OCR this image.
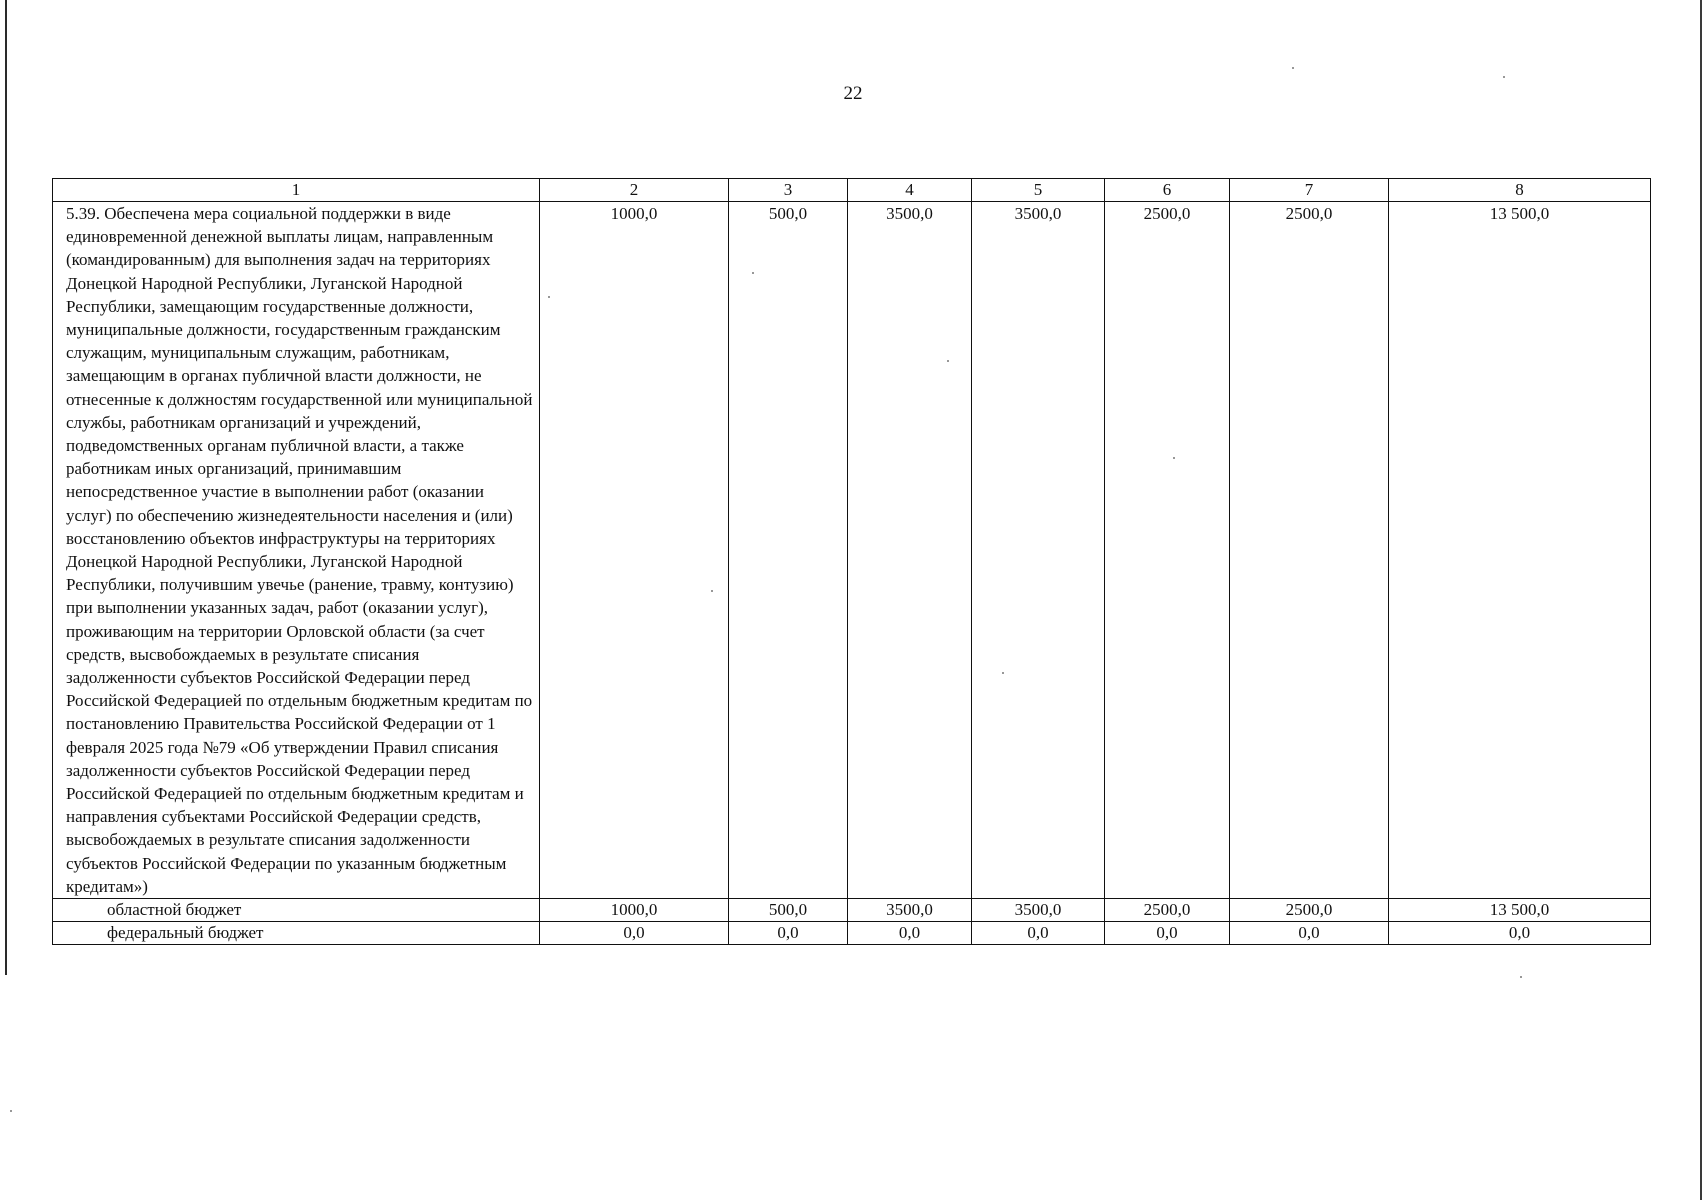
22
1	2	3	4	5	6	7	8
5.39. Обеспечена мера социальной поддержки в виде единовременной денежной выплаты лицам, направленным (командированным) для выполнения задач на территориях Донецкой Народной Республики, Луганской Народной Республики, замещающим государственные должности, муниципальные должности, государственным гражданским служащим, муниципальным служащим, работникам, замещающим в органах публичной власти должности, не отнесенные к должностям государственной или муниципальной службы, работникам организаций и учреждений, подведомственных органам публичной власти, а также работникам иных организаций, принимавшим непосредственное участие в выполнении работ (оказании услуг) по обеспечению жизнедеятельности населения и (или) восстановлению объектов инфраструктуры на территориях Донецкой Народной Республики, Луганской Народной Республики, получившим увечье (ранение, травму, контузию) при выполнении указанных задач, работ (оказании услуг), проживающим на территории Орловской области (за счет средств, высвобождаемых в результате списания задолженности субъектов Российской Федерации перед Российской Федерацией по отдельным бюджетным кредитам по постановлению Правительства Российской Федерации от 1 февраля 2025 года №79 «Об утверждении Правил списания задолженности субъектов Российской Федерации перед Российской Федерацией по отдельным бюджетным кредитам и направления субъектами Российской Федерации средств, высвобождаемых в результате списания задолженности субъектов Российской Федерации по указанным бюджетным кредитам»)	1000,0	500,0	3500,0	3500,0	2500,0	2500,0	13 500,0
областной бюджет	1000,0	500,0	3500,0	3500,0	2500,0	2500,0	13 500,0
федеральный бюджет	0,0	0,0	0,0	0,0	0,0	0,0	0,0
